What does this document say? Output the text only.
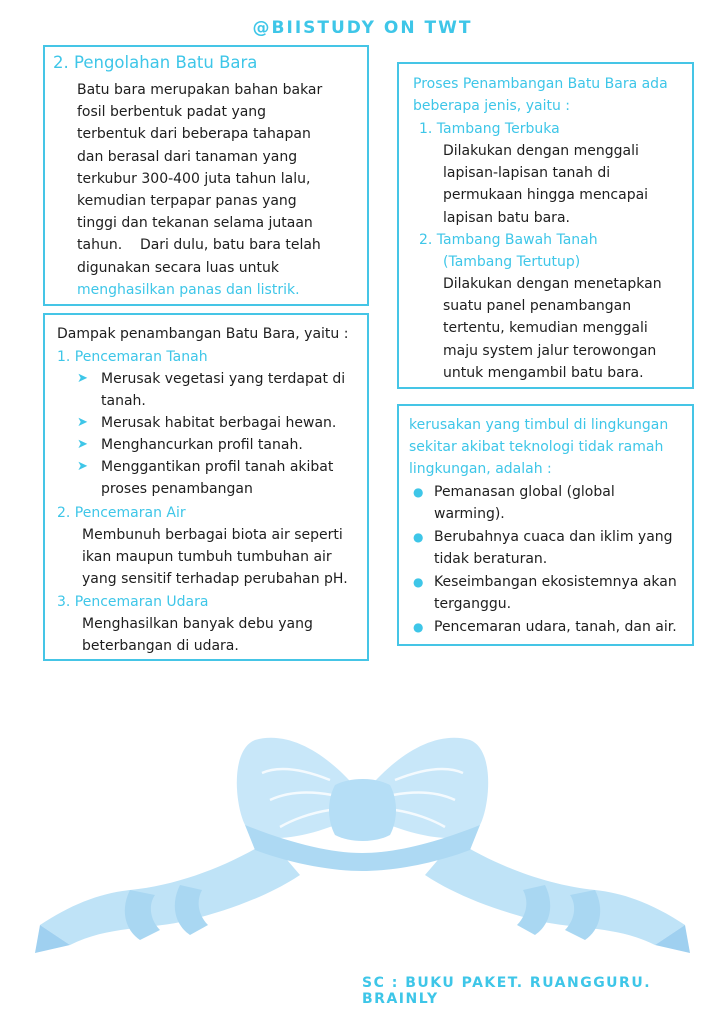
@BIISTUDY ON TWT
2. Pengolahan Batu Bara
Batu bara merupakan bahan bakar
fosil berbentuk padat yang
terbentuk dari beberapa tahapan
dan berasal dari tanaman yang
terkubur 300-400 juta tahun lalu,
kemudian terpapar panas yang
tinggi dan tekanan selama jutaan
tahun.    Dari dulu, batu bara telah
digunakan secara luas untuk
menghasilkan panas dan listrik.
Dampak penambangan Batu Bara, yaitu :
1. Pencemaran Tanah
➤ Merusak vegetasi yang terdapat di
tanah.
➤ Merusak habitat berbagai hewan.
➤ Menghancurkan profil tanah.
➤ Menggantikan profil tanah akibat
proses penambangan
2. Pencemaran Air
Membunuh berbagai biota air seperti
ikan maupun tumbuh tumbuhan air
yang sensitif terhadap perubahan pH.
3. Pencemaran Udara
Menghasilkan banyak debu yang
beterbangan di udara.
Proses Penambangan Batu Bara ada
beberapa jenis, yaitu :
1. Tambang Terbuka
Dilakukan dengan menggali
lapisan-lapisan tanah di
permukaan hingga mencapai
lapisan batu bara.
2. Tambang Bawah Tanah
(Tambang Tertutup)
Dilakukan dengan menetapkan
suatu panel penambangan
tertentu, kemudian menggali
maju system jalur terowongan
untuk mengambil batu bara.
kerusakan yang timbul di lingkungan
sekitar akibat teknologi tidak ramah
lingkungan, adalah :
● Pemanasan global (global
warming).
● Berubahnya cuaca dan iklim yang
tidak beraturan.
● Keseimbangan ekosistemnya akan
terganggu.
● Pencemaran udara, tanah, dan air.
SC : BUKU PAKET. RUANGGURU. BRAINLY
